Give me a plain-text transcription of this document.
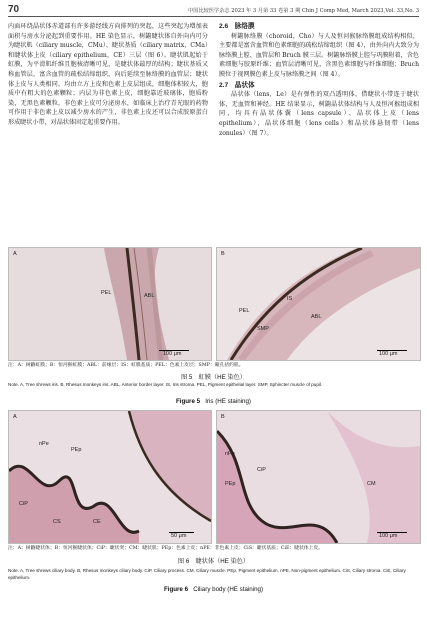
70	中国比较医学杂志 2023 年 3 月第 33 卷第 3 期 Chin J Comp Med, March 2023,Vol. 33,No. 3

内面环绕晶状体赤道部有许多游经线方向排列的突起，这些突起为增加表面积与房水分泌起到重要作用。HE 染色显示，树鼩睫状体自外向内可分为睫状肌（ciliary muscle，CMu）、睫状基质（ciliary matrix，CMa）和睫状体上皮（ciliary epithelium，CE）三层（图 6）。睫状肌起始于虹膜，为平滑肌纤维且胞核清晰可见，是睫状体最厚的结构；睫状基质又称血管层，富含血管的疏松结缔组织，向后延续至脉络膜的血管层；睫状体上皮与人类相同，均由立方上皮和色素上皮层组成，细胞体积较大，胞质中有粗大的色素颗粒；内层为非色素上皮，细胞靠近玻璃体，胞质粉染，无黑色素颗粒，非色素上皮可分泌房水，如临床上治疗青光眼的药物可作用于非色素上皮以减少房水的产生，非色素上皮还可以合成胶原蛋白形成睫状小带，对晶状体固定起重要作用。

2.6　脉络膜

树鼩脉络膜（choroid，Cho）与人及恒河猴脉络膜组成结构相似，主要都是富含血管和色素细胞的疏松结缔组织（图 4），由外向内大致分为脉络膜上腔、血管层和 Bruch 膜三层。树鼩脉络膜上腔与巩膜附着，含色素细胞与胶原纤维；血管层清晰可见，含黑色素细胞与纤维细胞；Bruch 膜位于视网膜色素上皮与脉络膜之间（图 4）。

2.7　晶状体

晶状体（lens，Le）是有弹性的双凸透明体，借睫状小带连于睫状体，无血管和神经。HE 结果显示，树鼩晶状体结构与人及恒河猴组成相同，均具有晶状体囊（lens capsule）、晶状体上皮（lens epithelium），晶状体细胞（lens cells）和晶状体悬韧带（lens zonules）（图 7）。

A
PEL	ABL
100 μm
B
PEL
IS
SMP
ABL
100 μm
注：A：树鼩虹膜；B：恒河猴虹膜；ABL：前缘层；IS：虹膜基质；PEL：色素上皮层；SMP：瞳孔括约肌。
图 5　虹膜（HE 染色）
Note. A, Tree shrews iris. B, Rhesus monkeys iris. ABL, Anterior border layer. IS, Iris stroma. PEL, Pigment epithelial layer. SMP, Sphincter muscle of pupil.
Figure 5 Iris (HE staining)
A
CiP
nPe
PEp
CS	CE
50 μm
B
CiP
nPe
PEp	CM
100 μm
注：A：树鼩睫状体；B：恒河猴睫状体；CiP：睫状突；CM：睫状肌；PEp：色素上皮；nPE：非色素上皮；CiS：睫状基质；CiE：睫状体上皮。
图 6　睫状体（HE 染色）
Note. A, Tree shrews ciliary body. B, Rhesus monkeys ciliary body. CiP, Ciliary process. CM, Ciliary muscle. PEp, Pigment epithelium. nPE, Non-pigment epithelium. CiS, Ciliary stroma. CiE, Ciliary epithelium.
Figure 6 Ciliary body (HE staining)
